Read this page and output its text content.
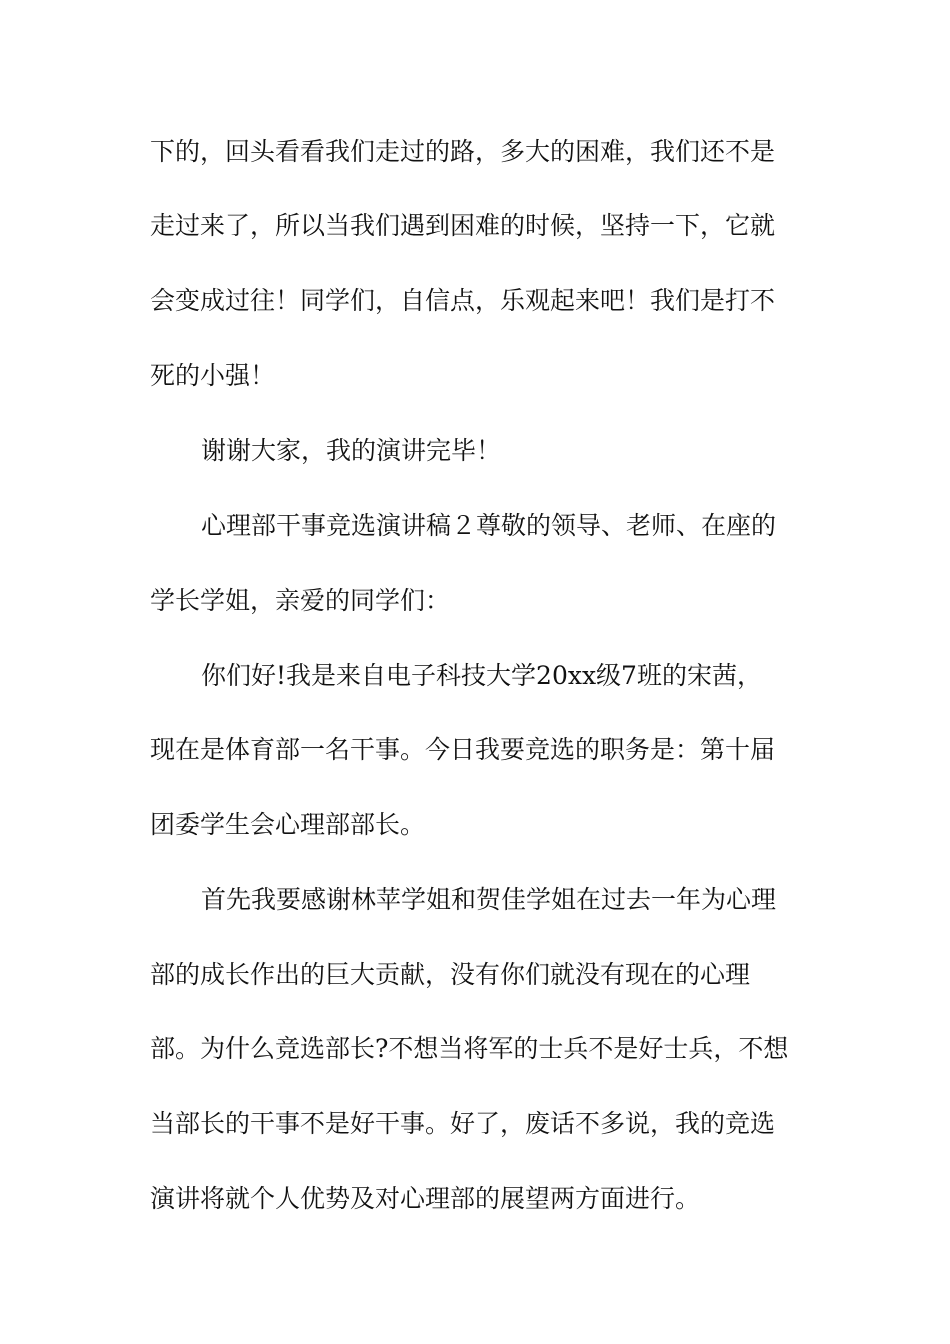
下的，回头看看我们走过的路，多大的困难，我们还不是

走过来了，所以当我们遇到困难的时候，坚持一下，它就

会变成过往！同学们，自信点，乐观起来吧！我们是打不

死的小强！

谢谢大家，我的演讲完毕！

心理部干事竞选演讲稿２尊敬的领导、老师、在座的

学长学姐，亲爱的同学们：

你们好!我是来自电子科技大学20xx级7班的宋茜，

现在是体育部一名干事。今日我要竞选的职务是：第十届

团委学生会心理部部长。

首先我要感谢林苹学姐和贺佳学姐在过去一年为心理

部的成长作出的巨大贡献，没有你们就没有现在的心理

部。为什么竞选部长?不想当将军的士兵不是好士兵，不想

当部长的干事不是好干事。好了，废话不多说，我的竞选

演讲将就个人优势及对心理部的展望两方面进行。
